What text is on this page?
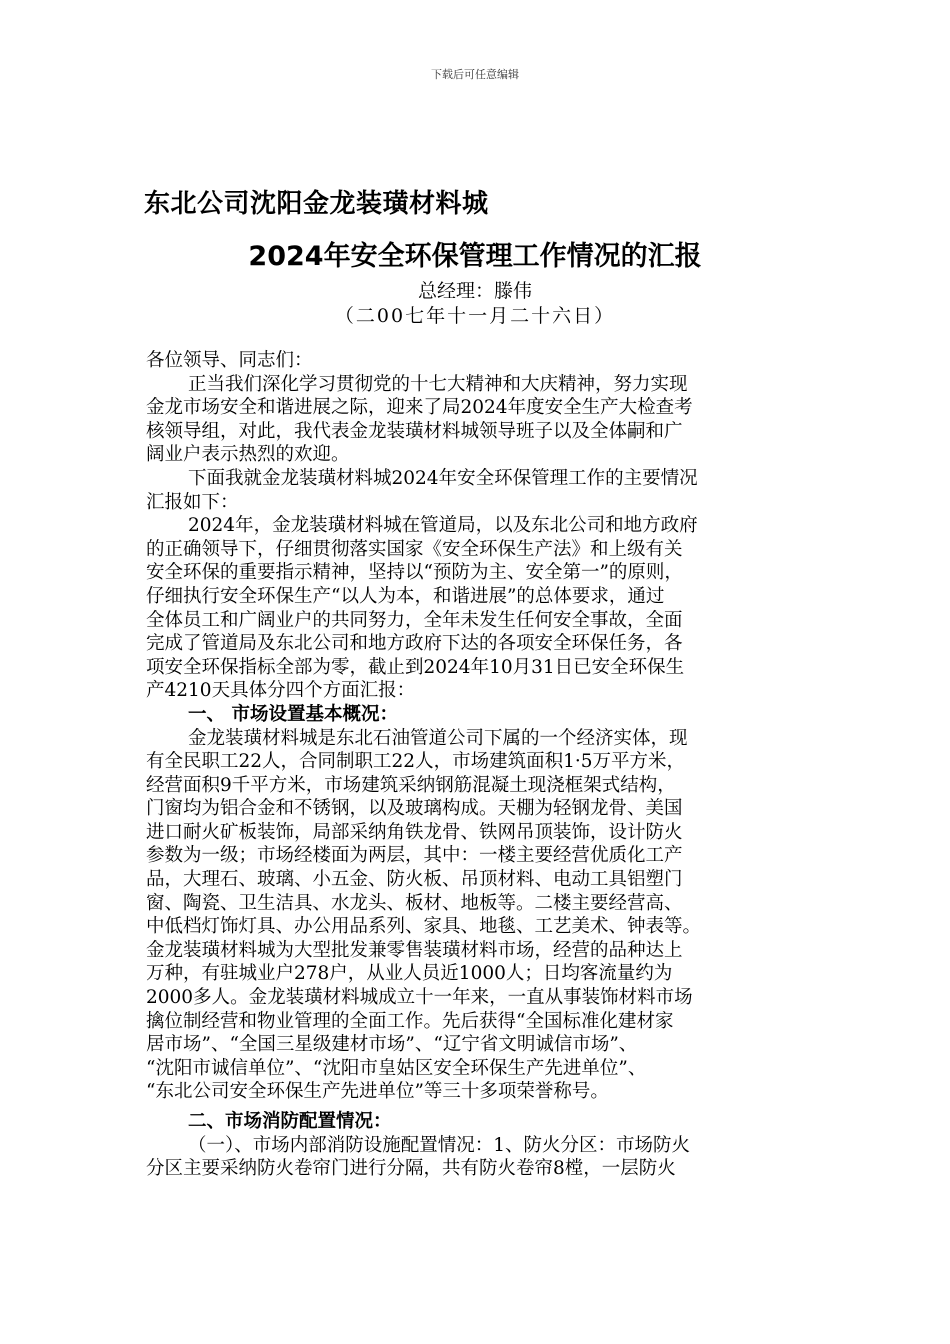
下载后可任意编辑
东北公司沈阳金龙装璜材料城
2024年安全环保管理工作情况的汇报
总经理：滕伟
（二00七年十一月二十六日）
各位领导、同志们：
正当我们深化学习贯彻党的十七大精神和大庆精神，努力实现
金龙市场安全和谐进展之际，迎来了局2024年度安全生产大检查考
核领导组，对此，我代表金龙装璜材料城领导班子以及全体嗣和广
阔业户表示热烈的欢迎。
下面我就金龙装璜材料城2024年安全环保管理工作的主要情况
汇报如下：
2024年，金龙装璜材料城在管道局，以及东北公司和地方政府
的正确领导下，仔细贯彻落实国家《安全环保生产法》和上级有关
安全环保的重要指示精神，坚持以“预防为主、安全第一”的原则，
仔细执行安全环保生产“以人为本，和谐进展”的总体要求，通过
全体员工和广阔业户的共同努力，全年未发生任何安全事故，全面
完成了管道局及东北公司和地方政府下达的各项安全环保任务，各
项安全环保指标全部为零，截止到2024年10月31日已安全环保生
产4210天具体分四个方面汇报：
一、 市场设置基本概况：
金龙装璜材料城是东北石油管道公司下属的一个经济实体，现
有全民职工22人，合同制职工22人，市场建筑面积1·5万平方米，
经营面积9千平方米，市场建筑采纳钢筋混凝土现浇框架式结构，
门窗均为铝合金和不锈钢，以及玻璃构成。天棚为轻钢龙骨、美国
进口耐火矿板装饰，局部采纳角铁龙骨、铁网吊顶装饰，设计防火
参数为一级；市场经楼面为两层，其中：一楼主要经营优质化工产
品，大理石、玻璃、小五金、防火板、吊顶材料、电动工具铝塑门
窗、陶瓷、卫生洁具、水龙头、板材、地板等。二楼主要经营高、
中低档灯饰灯具、办公用品系列、家具、地毯、工艺美术、钟表等。
金龙装璜材料城为大型批发兼零售装璜材料市场，经营的品种达上
万种，有驻城业户278户，从业人员近1000人；日均客流量约为
2000多人。金龙装璜材料城成立十一年来，一直从事装饰材料市场
擒位制经营和物业管理的全面工作。先后获得“全国标准化建材家
居市场”、“全国三星级建材市场”、“辽宁省文明诚信市场”、
“沈阳市诚信单位”、“沈阳市皇姑区安全环保生产先进单位”、
“东北公司安全环保生产先进单位”等三十多项荣誉称号。
二、市场消防配置情况：
（一）、市场内部消防设施配置情况：1、防火分区：市场防火
分区主要采纳防火卷帘门进行分隔，共有防火卷帘8樘，一层防火
